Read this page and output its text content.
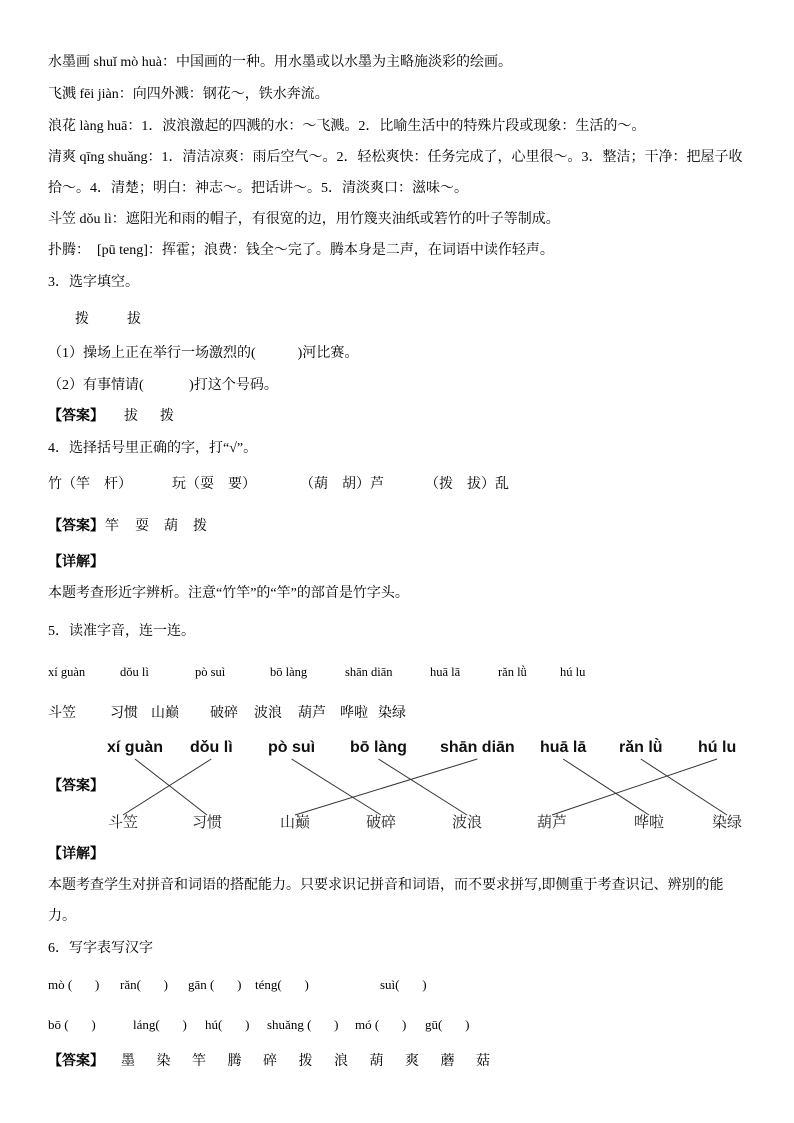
水墨画 shuǐ mò huà：中国画的一种。用水墨或以水墨为主略施淡彩的绘画。
飞溅 fēi jiàn：向四外溅：钢花～，铁水奔流。
浪花 làng huā：1．波浪激起的四溅的水：～飞溅。2．比喻生活中的特殊片段或现象：生活的～。
清爽 qīng shuǎng：1．清洁凉爽：雨后空气～。2．轻松爽快：任务完成了，心里很～。3．整洁；干净：把屋子收
拾～。4．清楚；明白：神志～。把话讲～。5．清淡爽口：滋味～。
斗笠 dǒu lì：遮阳光和雨的帽子，有很宽的边，用竹篾夹油纸或箬竹的叶子等制成。
扑腾：  [pū teng]：挥霍；浪费：钱全～完了。腾本身是二声，在词语中读作轻声。
3．选字填空。
拨	拔
（1）操场上正在举行一场激烈的(            )河比赛。
（2）有事情请(             )打这个号码。
【答案】 拔 拨
4．选择括号里正确的字，打“√”。
竹（竿    杆）	玩（耍    要）	（葫    胡）芦	（拨    拔）乱
【答案】 竿 耍 葫 拨
【详解】
本题考查形近字辨析。注意“竹竿”的“竿”的部首是竹字头。
5．读准字音，连一连。
xí guàn	dǒu lì	pò suì	bō làng	shān diān	huā lā	rǎn lǜ	hú lu
斗笠 习惯 山巅 破碎 波浪 葫芦 哗啦 染绿
xí guàn dǒu lì pò suì bō làng shān diān huā lā rǎn lǜ hú lu
【答案】
斗笠	习惯	山巅	破碎	波浪	葫芦	哗啦	染绿
【详解】
本题考查学生对拼音和词语的搭配能力。只要求识记拼音和词语，而不要求拼写,即侧重于考查识记、辨别的能
力。
6．写字表写汉字
mò (       ) rǎn(       ) gān (       ) téng(       )	suì(       )
bō (       )	láng(       ) hú(       ) shuǎng (       ) mó (       ) gū(       )
【答案】 墨 染 竿 腾 碎 拨 浪 葫 爽 蘑 菇
